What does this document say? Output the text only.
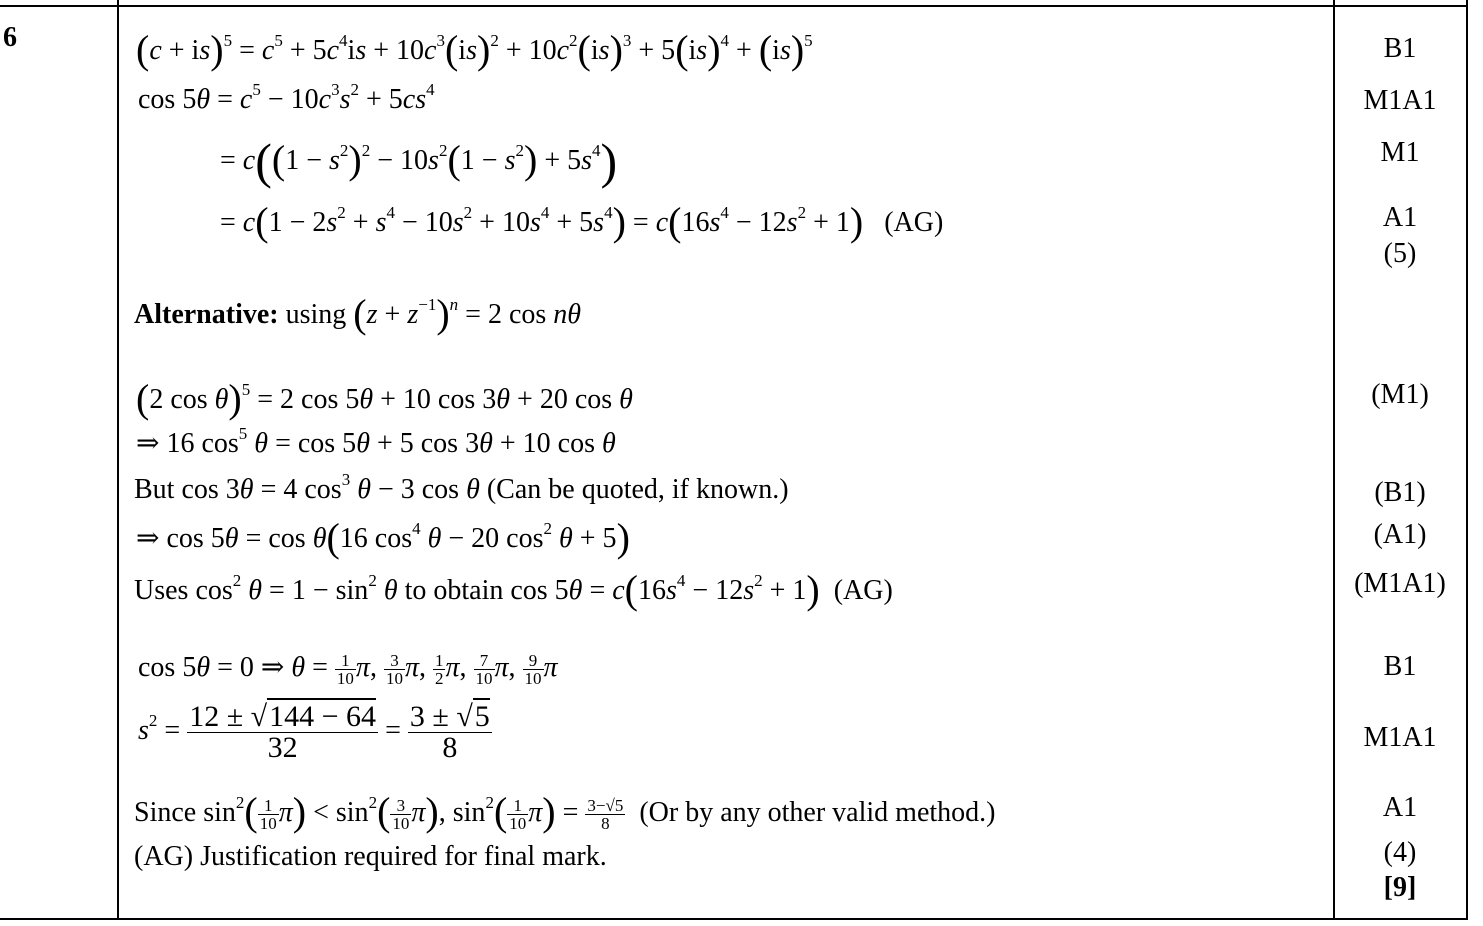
6	$(c + is)^5 = c^5 + 5c^4is + 10c^3(is)^2 + 10c^2(is)^3 + 5(is)^4 + (is)^5$
$\cos 5\theta = c^5 - 10c^3s^2 + 5cs^4$
= $c((1 - s^2)^2 - 10s^2(1 - s^2) + 5s^4)$
= $c(1 - 2s^2 + s^4 - 10s^2 + 10s^4 + 5s^4) = c(16s^4 - 12s^2 + 1)$ (AG)
Alternative: using $(z + z^{-1})^n = 2$ cos nθ
(2 cos θ)$^5$ = 2 cos 5θ + 10 cos 3θ + 20 cos θ
⇒ 16 $\cos^5 \theta = \cos 5\theta + 5$ cos 3θ + 10 cos θ
But cos 3θ = 4 $\cos^3 \theta - 3$ cos θ (Can be quoted, if known.)
⇒ cos 5θ = cos θ(16 $\cos^4 \theta - 20$ $\cos^2 \theta + 5$)
Uses $\cos^2 \theta = 1 - \sin^2 \theta$ to obtain $\cos 5\theta = c(16s^4 - 12s^2 + 1)$ (AG)
cos 5θ = 0 ⇒ $\theta = \frac{1}{10} \pi$, $\frac{3}{10} \pi$, $\frac{1}{2} \pi$, $\frac{7}{10} \pi$, $\frac{9}{10}$ π
$s^2 = \frac{12 \pm √144 - 64}{32} = \frac{3 \pm √5}{8}$
Since $\sin^2( \frac{1}{10} \pi) < \sin^2( \frac{3}{10} \pi)$, $\sin^2( \frac{1}{10} \pi) = \frac{3-√5}{8} (Or$ by any other valid method.)
(AG) Justification required for final mark.
B1
M1A1
M1
A1
(5)
(M1)
(B1)
(A1)
(M1A1)
B1
M1A1
A1
(4)
[9]
